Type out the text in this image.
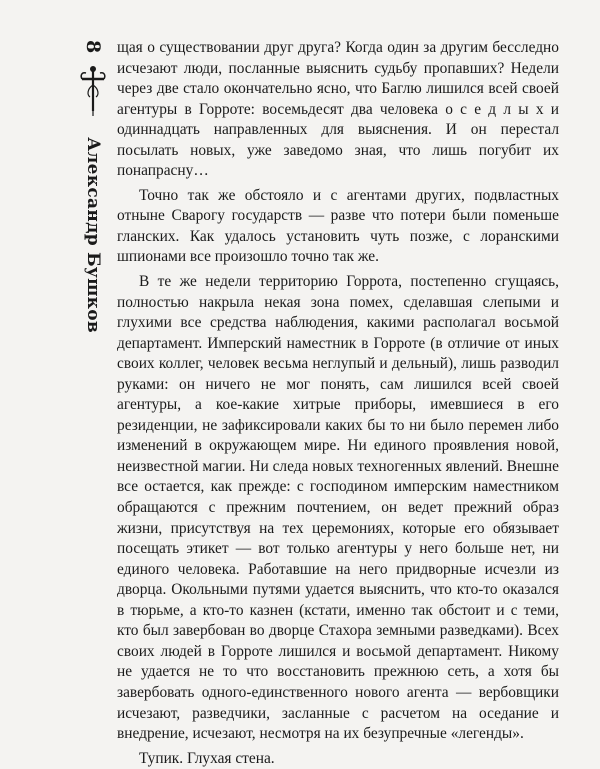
8
Александр Бушков

щая о существовании друг друга? Когда один за другим бесследно исчезают люди, посланные выяснить судьбу пропавших? Недели через две стало окончательно ясно, что Баглю лишился всей своей агентуры в Горроте: восемьдесят два человека о с е д л ы х и одиннадцать направленных для выяснения. И он перестал посылать новых, уже заведомо зная, что лишь погубит их понапрасну…

Точно так же обстояло и с агентами других, подвластных отныне Сварогу государств — разве что потери были поменьше гланских. Как удалось установить чуть позже, с лоранскими шпионами все произошло точно так же.

В те же недели территорию Горрота, постепенно сгущаясь, полностью накрыла некая зона помех, сделавшая слепыми и глухими все средства наблюдения, какими располагал восьмой департамент. Имперский наместник в Горроте (в отличие от иных своих коллег, человек весьма неглупый и дельный), лишь разводил руками: он ничего не мог понять, сам лишился всей своей агентуры, а кое-какие хитрые приборы, имевшиеся в его резиденции, не зафиксировали каких бы то ни было перемен либо изменений в окружающем мире. Ни единого проявления новой, неизвестной магии. Ни следа новых техногенных явлений. Внешне все остается, как прежде: с господином имперским наместником обращаются с прежним почтением, он ведет прежний образ жизни, присутствуя на тех церемониях, которые его обязывает посещать этикет — вот только агентуры у него больше нет, ни единого человека. Работавшие на него придворные исчезли из дворца. Окольными путями удается выяснить, что кто-то оказался в тюрьме, а кто-то казнен (кстати, именно так обстоит и с теми, кто был завербован во дворце Стахора земными разведками). Всех своих людей в Горроте лишился и восьмой департамент. Никому не удается не то что восстановить прежнюю сеть, а хотя бы завербовать одного-единственного нового агента — вербовщики исчезают, разведчики, засланные с расчетом на оседание и внедрение, исчезают, несмотря на их безупречные «легенды».

Тупик. Глухая стена.
